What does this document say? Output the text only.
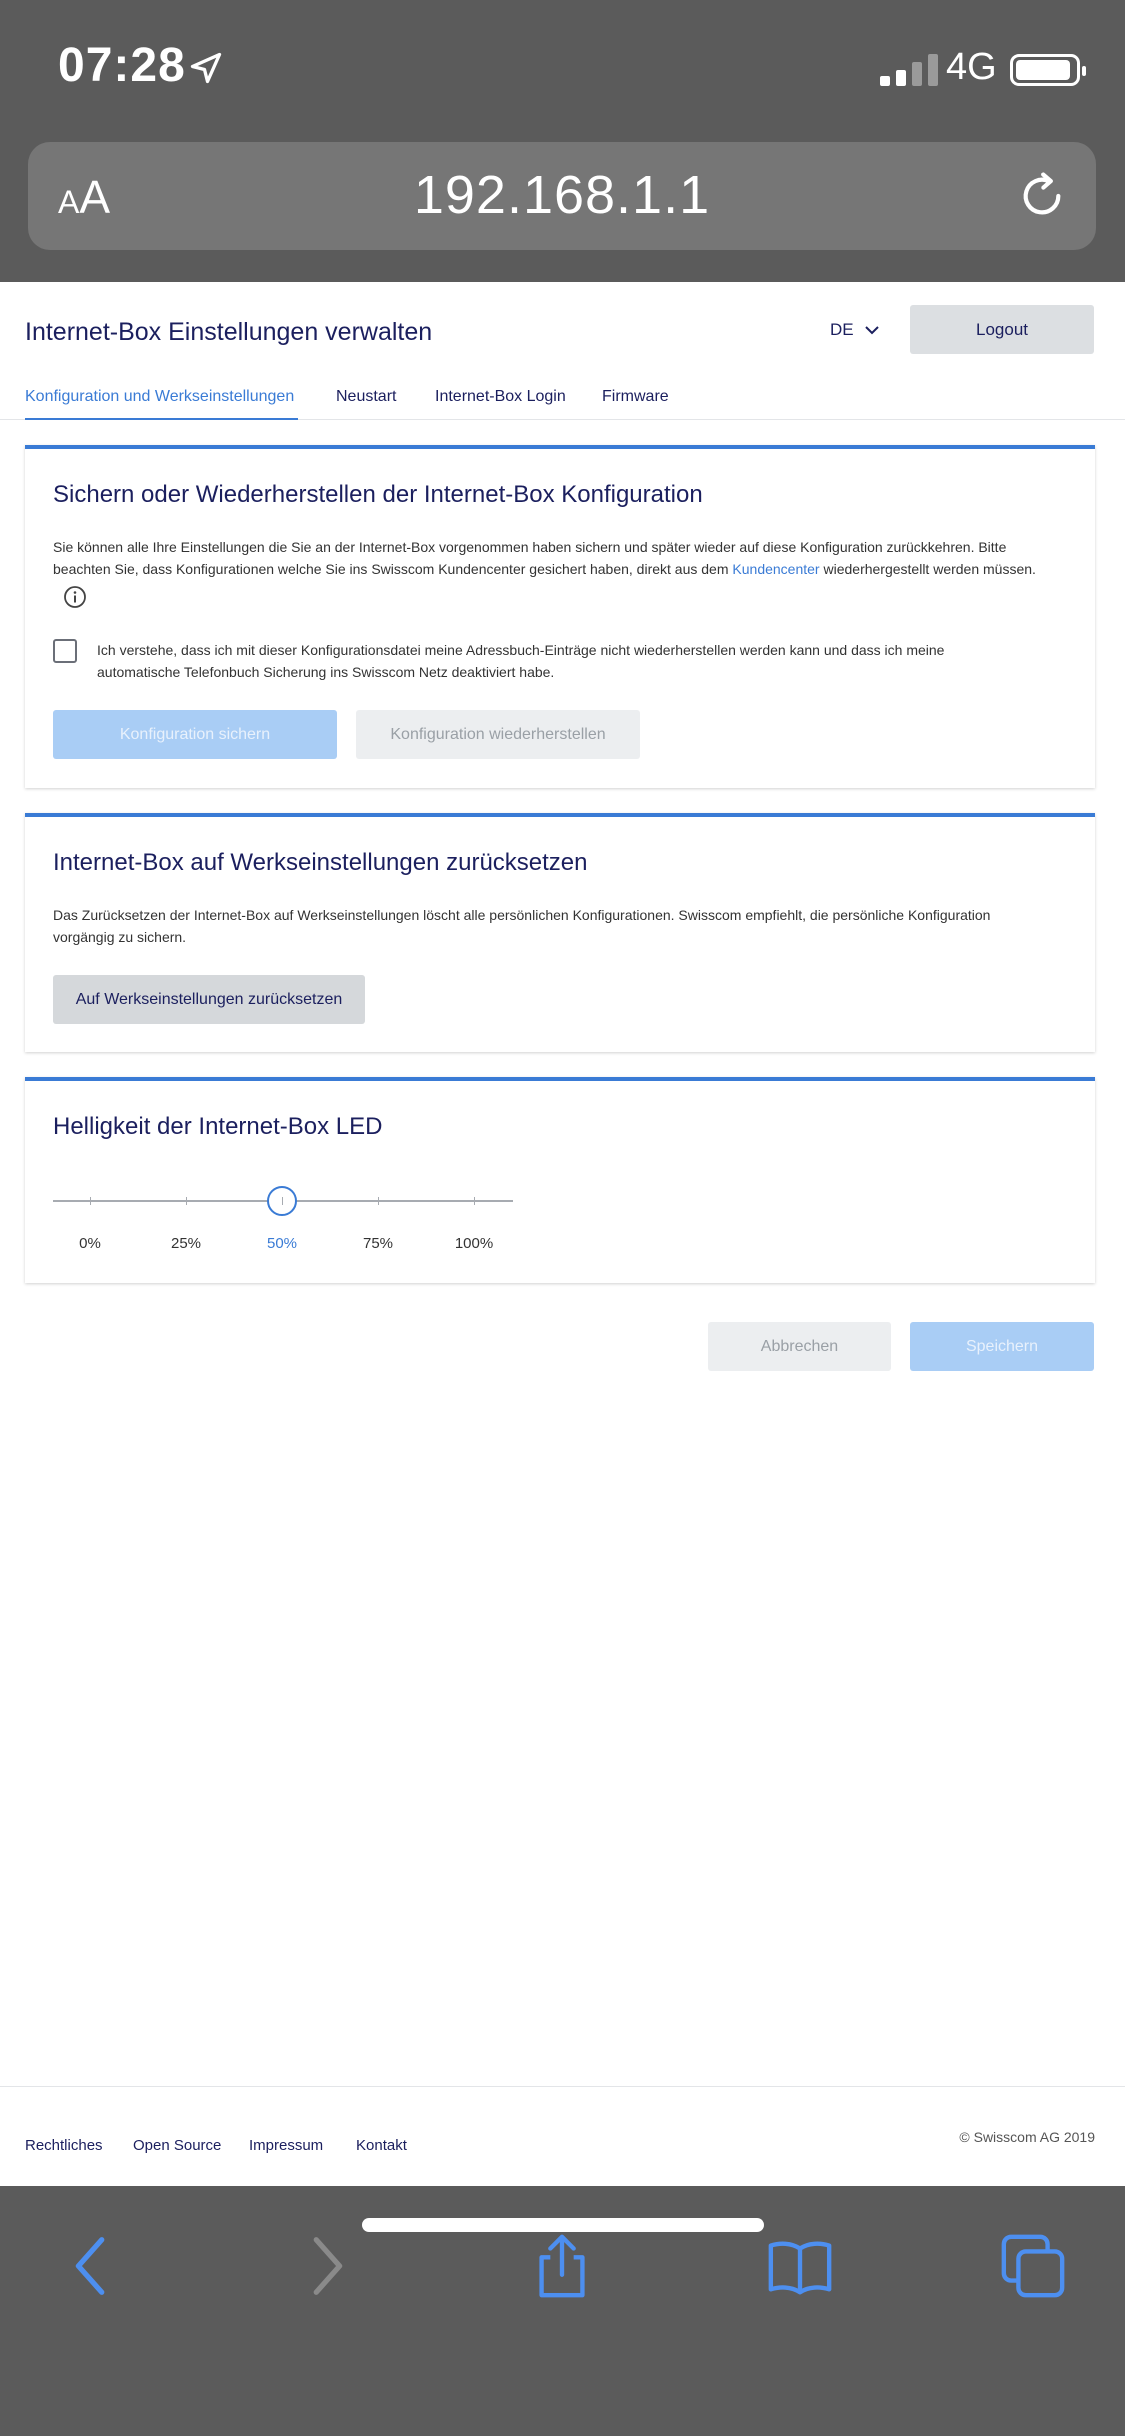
07:28	4G
AA	192.168.1.1
Internet-Box Einstellungen verwalten	DE	Logout
Konfiguration und Werkseinstellungen	Neustart Internet-Box Login Firmware
Sichern oder Wiederherstellen der Internet-Box Konfiguration

Sie können alle Ihre Einstellungen die Sie an der Internet-Box vorgenommen haben sichern und später wieder auf diese Konfiguration zurückkehren. Bitte
beachten Sie, dass Konfigurationen welche Sie ins Swisscom Kundencenter gesichert haben, direkt aus dem Kundencenter wiederhergestellt werden müssen.

Ich verstehe, dass ich mit dieser Konfigurationsdatei meine Adressbuch-Einträge nicht wiederherstellen werden kann und dass ich meine
automatische Telefonbuch Sicherung ins Swisscom Netz deaktiviert habe.

Konfiguration sichern	Konfiguration wiederherstellen
Internet-Box auf Werkseinstellungen zurücksetzen

Das Zurücksetzen der Internet-Box auf Werkseinstellungen löscht alle persönlichen Konfigurationen. Swisscom empfiehlt, die persönliche Konfiguration
vorgängig zu sichern.

Auf Werkseinstellungen zurücksetzen
Helligkeit der Internet-Box LED
0%	25%	50%	75%	100%
Abbrechen	Speichern
Rechtliches Open Source Impressum Kontakt	© Swisscom AG 2019
